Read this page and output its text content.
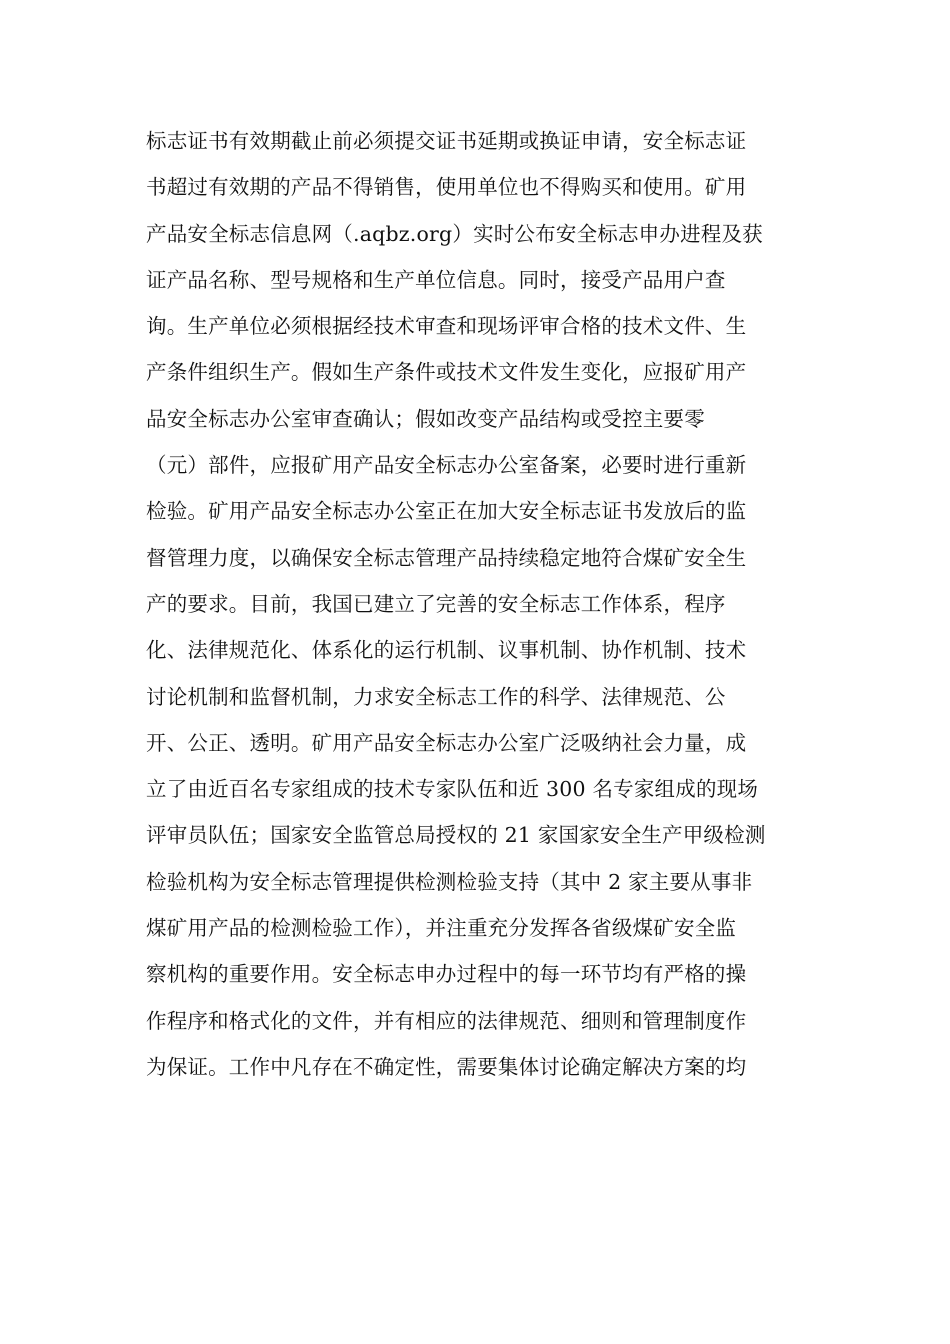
标志证书有效期截止前必须提交证书延期或换证申请，安全标志证
书超过有效期的产品不得销售，使用单位也不得购买和使用。矿用
产品安全标志信息网（.aqbz.org）实时公布安全标志申办进程及获
证产品名称、型号规格和生产单位信息。同时，接受产品用户查
询。生产单位必须根据经技术审查和现场评审合格的技术文件、生
产条件组织生产。假如生产条件或技术文件发生变化，应报矿用产
品安全标志办公室审查确认；假如改变产品结构或受控主要零
（元）部件，应报矿用产品安全标志办公室备案，必要时进行重新
检验。矿用产品安全标志办公室正在加大安全标志证书发放后的监
督管理力度，以确保安全标志管理产品持续稳定地符合煤矿安全生
产的要求。目前，我国已建立了完善的安全标志工作体系，程序
化、法律规范化、体系化的运行机制、议事机制、协作机制、技术
讨论机制和监督机制，力求安全标志工作的科学、法律规范、公
开、公正、透明。矿用产品安全标志办公室广泛吸纳社会力量，成
立了由近百名专家组成的技术专家队伍和近 300 名专家组成的现场
评审员队伍；国家安全监管总局授权的 21 家国家安全生产甲级检测
检验机构为安全标志管理提供检测检验支持（其中 2 家主要从事非
煤矿用产品的检测检验工作），并注重充分发挥各省级煤矿安全监
察机构的重要作用。安全标志申办过程中的每一环节均有严格的操
作程序和格式化的文件，并有相应的法律规范、细则和管理制度作
为保证。工作中凡存在不确定性，需要集体讨论确定解决方案的均
